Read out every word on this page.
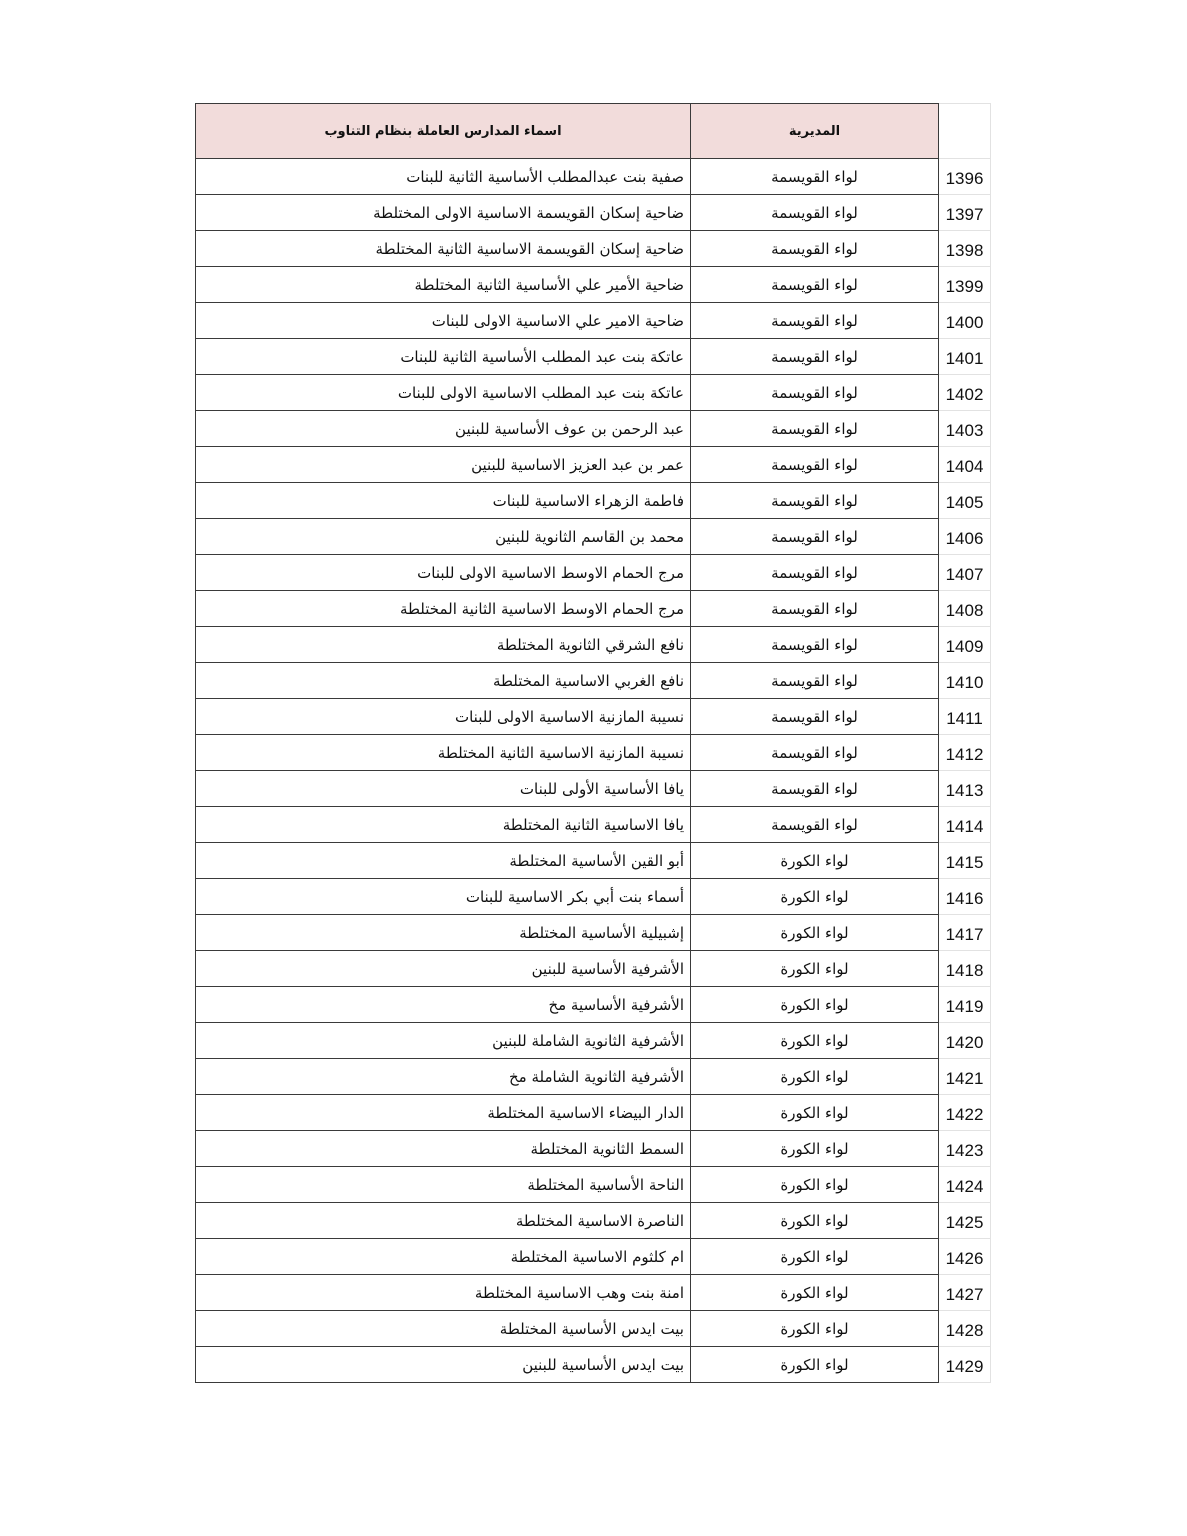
اسماء المدارس العاملة بنظام التناوب	المديرية	
صفية بنت عبدالمطلب الأساسية الثانية للبنات	لواء القويسمة	1396
ضاحية إسكان القويسمة الاساسية الاولى المختلطة	لواء القويسمة	1397
ضاحية إسكان القويسمة الاساسية الثانية المختلطة	لواء القويسمة	1398
ضاحية الأمير علي الأساسية الثانية المختلطة	لواء القويسمة	1399
ضاحية الامير علي الاساسية الاولى للبنات	لواء القويسمة	1400
عاتكة بنت عبد المطلب الأساسية الثانية للبنات	لواء القويسمة	1401
عاتكة بنت عبد المطلب الاساسية الاولى للبنات	لواء القويسمة	1402
عبد الرحمن بن عوف الأساسية للبنين	لواء القويسمة	1403
عمر بن عبد العزيز الاساسية للبنين	لواء القويسمة	1404
فاطمة الزهراء الاساسية للبنات	لواء القويسمة	1405
محمد بن القاسم الثانوية للبنين	لواء القويسمة	1406
مرج الحمام الاوسط الاساسية الاولى للبنات	لواء القويسمة	1407
مرج الحمام الاوسط الاساسية الثانية المختلطة	لواء القويسمة	1408
نافع الشرقي الثانوية المختلطة	لواء القويسمة	1409
نافع الغربي الاساسية المختلطة	لواء القويسمة	1410
نسيبة المازنية الاساسية الاولى للبنات	لواء القويسمة	1411
نسيبة المازنية الاساسية الثانية المختلطة	لواء القويسمة	1412
يافا الأساسية الأولى للبنات	لواء القويسمة	1413
يافا الاساسية الثانية المختلطة	لواء القويسمة	1414
أبو القين الأساسية المختلطة	لواء الكورة	1415
أسماء بنت أبي بكر الاساسية للبنات	لواء الكورة	1416
إشبيلية الأساسية المختلطة	لواء الكورة	1417
الأشرفية الأساسية للبنين	لواء الكورة	1418
الأشرفية الأساسية مخ	لواء الكورة	1419
الأشرفية الثانوية الشاملة للبنين	لواء الكورة	1420
الأشرفية الثانوية الشاملة مخ	لواء الكورة	1421
الدار البيضاء الاساسية المختلطة	لواء الكورة	1422
السمط الثانوية المختلطة	لواء الكورة	1423
الناحة الأساسية المختلطة	لواء الكورة	1424
الناصرة الاساسية المختلطة	لواء الكورة	1425
ام كلثوم الاساسية المختلطة	لواء الكورة	1426
امنة بنت وهب الاساسية المختلطة	لواء الكورة	1427
بيت ايدس الأساسية المختلطة	لواء الكورة	1428
بيت ايدس الأساسية للبنين	لواء الكورة	1429
